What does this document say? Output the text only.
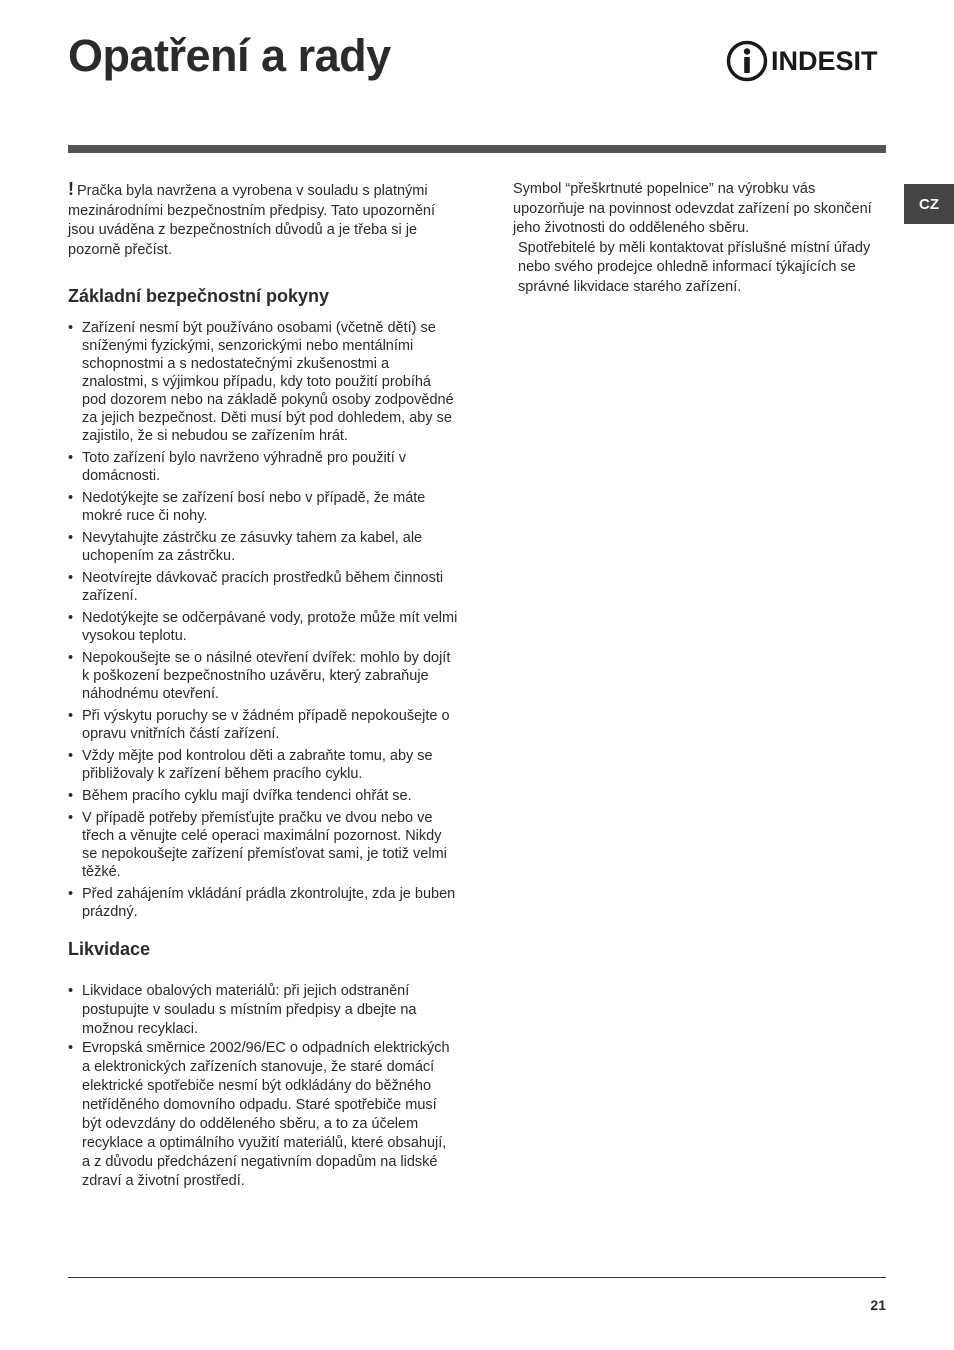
Opatření a rady	INDESIT
CZ

! Pračka byla navržena a vyrobena v souladu s platnými mezinárodními bezpečnostním předpisy. Tato upozornění jsou uváděna z bezpečnostních důvodů a je třeba si je pozorně přečíst.

Základní bezpečnostní pokyny
• Zařízení nesmí být používáno osobami (včetně dětí) se sníženými fyzickými, senzorickými nebo mentálními schopnostmi a s nedostatečnými zkušenostmi a znalostmi, s výjimkou případu, kdy toto použití probíhá pod dozorem nebo na základě pokynů osoby zodpovědné za jejich bezpečnost. Děti musí být pod dohledem, aby se zajistilo, že si nebudou se zařízením hrát.
• Toto zařízení bylo navrženo výhradně pro použití v domácnosti.
• Nedotýkejte se zařízení bosí nebo v případě, že máte mokré ruce či nohy.
• Nevytahujte zástrčku ze zásuvky tahem za kabel, ale uchopením za zástrčku.
• Neotvírejte dávkovač pracích prostředků během činnosti zařízení.
• Nedotýkejte se odčerpávané vody, protože může mít velmi vysokou teplotu.
• Nepokoušejte se o násilné otevření dvířek: mohlo by dojít k poškození bezpečnostního uzávěru, který zabraňuje náhodnému otevření.
• Při výskytu poruchy se v žádném případě nepokoušejte o opravu vnitřních částí zařízení.
• Vždy mějte pod kontrolou děti a zabraňte tomu, aby se přibližovaly k zařízení během pracího cyklu.
• Během pracího cyklu mají dvířka tendenci ohřát se.
• V případě potřeby přemísťujte pračku ve dvou nebo ve třech a věnujte celé operaci maximální pozornost. Nikdy se nepokoušejte zařízení přemísťovat sami, je totiž velmi těžké.
• Před zahájením vkládání prádla zkontrolujte, zda je buben prázdný.
Likvidace
• Likvidace obalových materiálů: při jejich odstranění postupujte v souladu s místním předpisy a dbejte na možnou recyklaci.
• Evropská směrnice 2002/96/EC o odpadních elektrických a elektronických zařízeních stanovuje, že staré domácí elektrické spotřebiče nesmí být odkládány do běžného netříděného domovního odpadu. Staré spotřebiče musí být odevzdány do odděleného sběru, a to za účelem recyklace a optimálního využití materiálů, které obsahují, a z důvodu předcházení negativním dopadům na lidské zdraví a životní prostředí.

Symbol “přeškrtnuté popelnice” na výrobku vás upozorňuje na povinnost odevzdat zařízení po skončení jeho životnosti do odděleného sběru.

Spotřebitelé by měli kontaktovat příslušné místní úřady nebo svého prodejce ohledně informací týkajících se správné likvidace starého zařízení.

21
